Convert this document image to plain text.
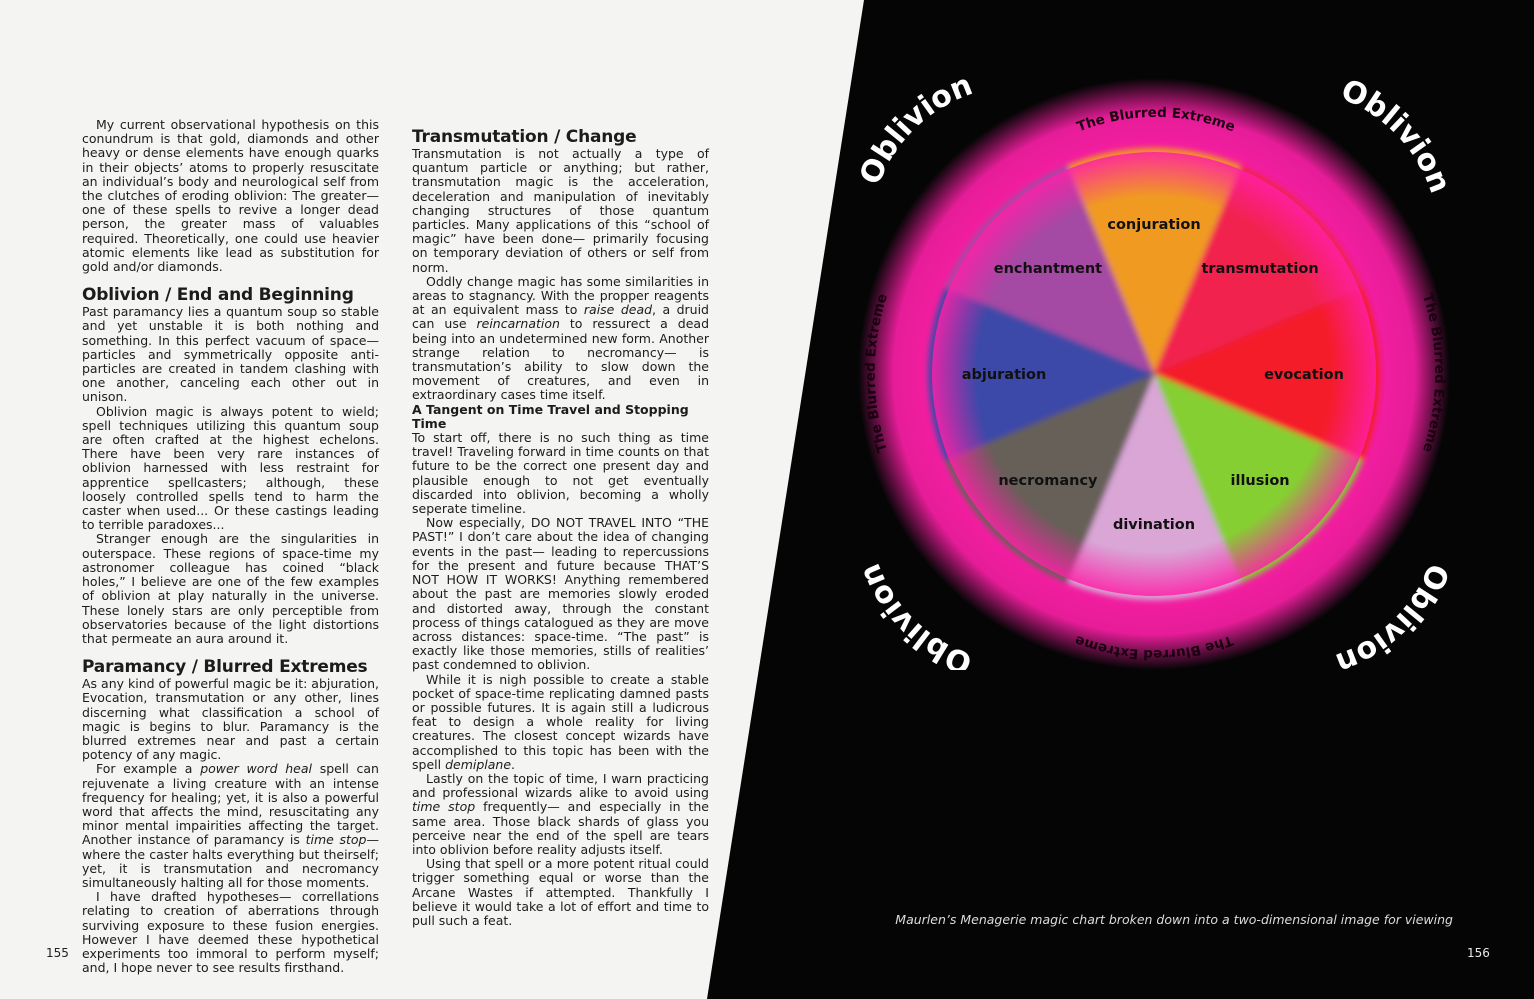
My current observational hypothesis on this conundrum is that gold, diamonds and other heavy or dense elements have enough quarks in their objects’ atoms to properly resuscitate an individual’s body and neurological self from the clutches of eroding oblivion: The greater— one of these spells to revive a longer dead person, the greater mass of valuables required. Theoretically, one could use heavier atomic elements like lead as substitution for gold and/or diamonds.

Oblivion / End and Beginning

Past paramancy lies a quantum soup so stable and yet unstable it is both nothing and something. In this perfect vacuum of space— particles and symmetrically opposite anti-particles are created in tandem clashing with one another, canceling each other out in unison.

Oblivion magic is always potent to wield; spell techniques utilizing this quantum soup are often crafted at the highest echelons. There have been very rare instances of oblivion harnessed with less restraint for apprentice spellcasters; although, these loosely controlled spells tend to harm the caster when used... Or these castings leading to terrible paradoxes...

Stranger enough are the singularities in outerspace. These regions of space-time my astronomer colleague has coined “black holes,” I believe are one of the few examples of oblivion at play naturally in the universe. These lonely stars are only perceptible from observatories because of the light distortions that permeate an aura around it.

Paramancy / Blurred Extremes

As any kind of powerful magic be it: abjuration, Evocation, transmutation or any other, lines discerning what classification a school of magic is begins to blur. Paramancy is the blurred extremes near and past a certain potency of any magic.

For example a power word heal spell can rejuvenate a living creature with an intense frequency for healing; yet, it is also a powerful word that affects the mind, resuscitating any minor mental impairities affecting the target. Another instance of paramancy is time stop— where the caster halts everything but theirself; yet, it is transmutation and necromancy simultaneously halting all for those moments.

I have drafted hypotheses— correllations relating to creation of aberrations through surviving exposure to these fusion energies. However I have deemed these hypothetical experiments too immoral to perform myself; and, I hope never to see results firsthand.

Transmutation / Change

Transmutation is not actually a type of quantum particle or anything; but rather, transmutation magic is the acceleration, deceleration and manipulation of inevitably changing structures of those quantum particles. Many applications of this “school of magic” have been done— primarily focusing on temporary deviation of others or self from norm.

Oddly change magic has some similarities in areas to stagnancy. With the propper reagents at an equivalent mass to raise dead, a druid can use reincarnation to ressurect a dead being into an undetermined new form. Another strange relation to necromancy— is transmutation’s ability to slow down the movement of creatures, and even in extraordinary cases time itself.

A Tangent on Time Travel and Stopping Time

To start off, there is no such thing as time travel! Traveling forward in time counts on that future to be the correct one present day and plausible enough to not get eventually discarded into oblivion, becoming a wholly seperate timeline.

Now especially, DO NOT TRAVEL INTO “THE PAST!” I don’t care about the idea of changing events in the past— leading to repercussions for the present and future because THAT’S NOT HOW IT WORKS! Anything remembered about the past are memories slowly eroded and distorted away, through the constant process of things catalogued as they are move across distances: space-time. “The past” is exactly like those memories, stills of realities’ past condemned to oblivion.

While it is nigh possible to create a stable pocket of space-time replicating damned pasts or possible futures. It is again still a ludicrous feat to design a whole reality for living creatures. The closest concept wizards have accomplished to this topic has been with the spell demiplane.

Lastly on the topic of time, I warn practicing and professional wizards alike to avoid using time stop frequently— and especially in the same area. Those black shards of glass you perceive near the end of the spell are tears into oblivion before reality adjusts itself.

Using that spell or a more potent ritual could trigger something equal or worse than the Arcane Wastes if attempted. Thankfully I believe it would take a lot of effort and time to pull such a feat.

conjuration
transmutation
evocation
illusion
divination
necromancy
abjuration
enchantment
The Blurred Extreme
The Blurred Extreme
The Blurred Extreme
The Blurred Extreme
blivion	Oblivio
Oblivio	blivion
Maurlen’s Menagerie magic chart broken down into a two-dimensional image for viewing
155	156
